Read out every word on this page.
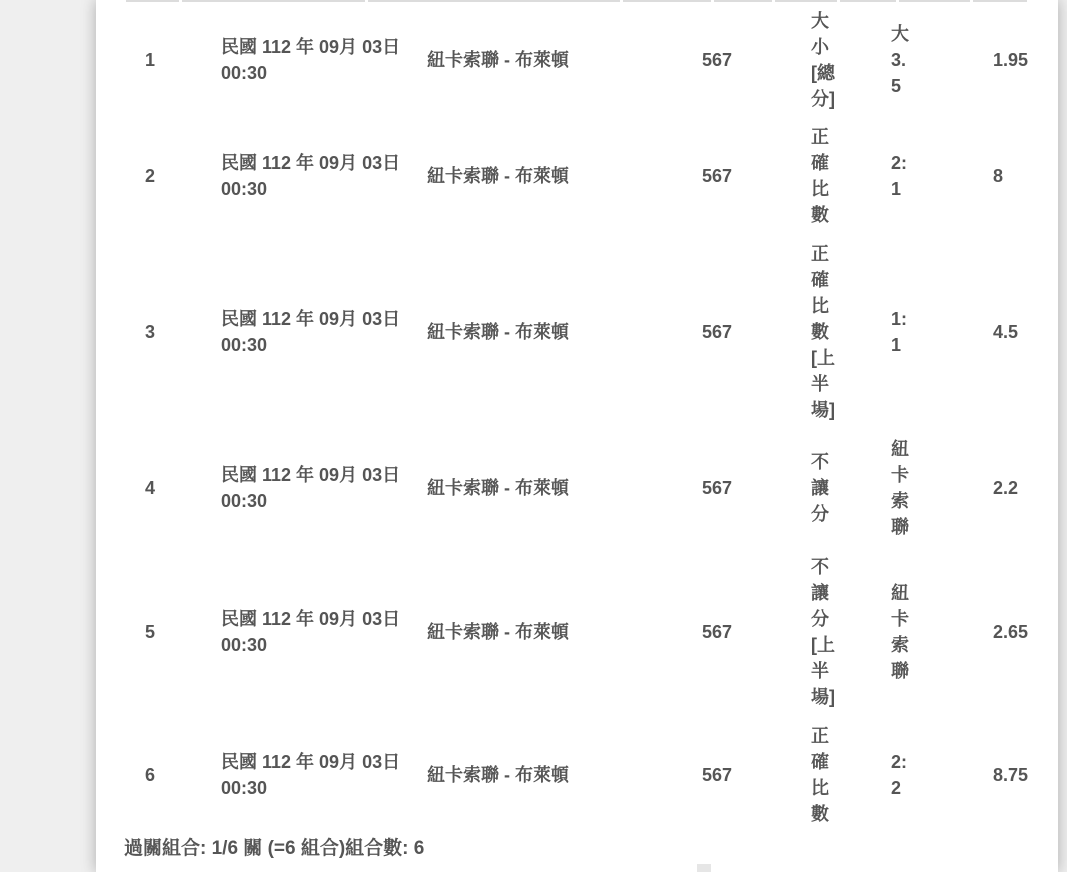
1	民國 112 年 09月 03日 00:30	紐卡索聯 - 布萊頓	567	大小[總分]	大 3.5	1.95
2	民國 112 年 09月 03日 00:30	紐卡索聯 - 布萊頓	567	正確比數	2:1	8
3	民國 112 年 09月 03日 00:30	紐卡索聯 - 布萊頓	567	正確比數[上半場]	1:1	4.5
4	民國 112 年 09月 03日 00:30	紐卡索聯 - 布萊頓	567	不讓分	紐卡索聯	2.2
5	民國 112 年 09月 03日 00:30	紐卡索聯 - 布萊頓	567	不讓分[上半場]	紐卡索聯	2.65
6	民國 112 年 09月 03日 00:30	紐卡索聯 - 布萊頓	567	正確比數	2:2	8.75
過關組合: 1/6 關 (=6 組合)組合數: 6
